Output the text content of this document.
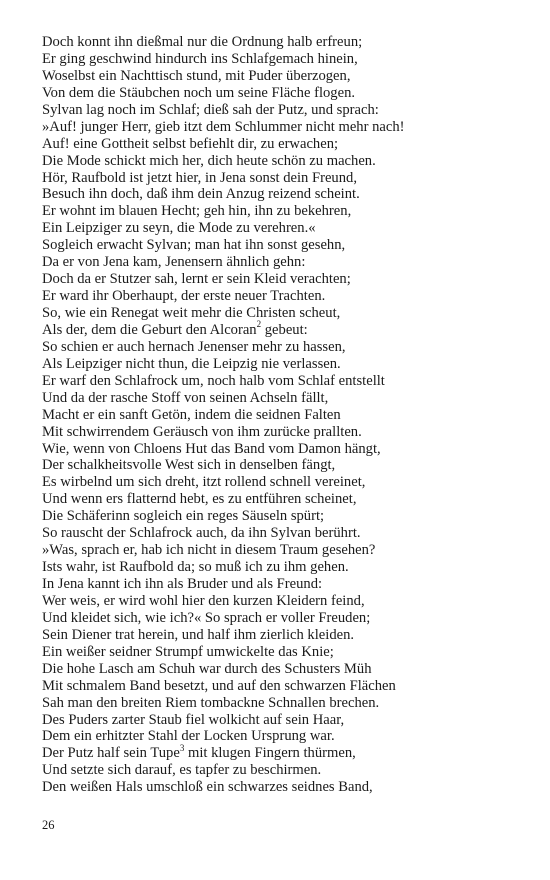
Doch konnt ihn dießmal nur die Ordnung halb erfreun;
Er ging geschwind hindurch ins Schlafgemach hinein,
Woselbst ein Nachttisch stund, mit Puder überzogen,
Von dem die Stäubchen noch um seine Fläche flogen.
Sylvan lag noch im Schlaf; dieß sah der Putz, und sprach:
»Auf! junger Herr, gieb itzt dem Schlummer nicht mehr nach!
Auf! eine Gottheit selbst befiehlt dir, zu erwachen;
Die Mode schickt mich her, dich heute schön zu machen.
Hör, Raufbold ist jetzt hier, in Jena sonst dein Freund,
Besuch ihn doch, daß ihm dein Anzug reizend scheint.
Er wohnt im blauen Hecht; geh hin, ihn zu bekehren,
Ein Leipziger zu seyn, die Mode zu verehren.«
Sogleich erwacht Sylvan; man hat ihn sonst gesehn,
Da er von Jena kam, Jenensern ähnlich gehn:
Doch da er Stutzer sah, lernt er sein Kleid verachten;
Er ward ihr Oberhaupt, der erste neuer Trachten.
So, wie ein Renegat weit mehr die Christen scheut,
Als der, dem die Geburt den Alcoran$^2$ gebeut:
So schien er auch hernach Jenenser mehr zu hassen,
Als Leipziger nicht thun, die Leipzig nie verlassen.
Er warf den Schlafrock um, noch halb vom Schlaf entstellt
Und da der rasche Stoff von seinen Achseln fällt,
Macht er ein sanft Getön, indem die seidnen Falten
Mit schwirrendem Geräusch von ihm zurücke prallten.
Wie, wenn von Chloens Hut das Band vom Damon hängt,
Der schalkheitsvolle West sich in denselben fängt,
Es wirbelnd um sich dreht, itzt rollend schnell vereinet,
Und wenn ers flatternd hebt, es zu entführen scheinet,
Die Schäferinn sogleich ein reges Säuseln spürt;
So rauscht der Schlafrock auch, da ihn Sylvan berührt.
»Was, sprach er, hab ich nicht in diesem Traum gesehen?
Ists wahr, ist Raufbold da; so muß ich zu ihm gehen.
In Jena kannt ich ihn als Bruder und als Freund:
Wer weis, er wird wohl hier den kurzen Kleidern feind,
Und kleidet sich, wie ich?« So sprach er voller Freuden;
Sein Diener trat herein, und half ihm zierlich kleiden.
Ein weißer seidner Strumpf umwickelte das Knie;
Die hohe Lasch am Schuh war durch des Schusters Müh
Mit schmalem Band besetzt, und auf den schwarzen Flächen
Sah man den breiten Riem tombackne Schnallen brechen.
Des Puders zarter Staub fiel wolkicht auf sein Haar,
Dem ein erhitzter Stahl der Locken Ursprung war.
Der Putz half sein Tupe$^3$ mit klugen Fingern thürmen,
Und setzte sich darauf, es tapfer zu beschirmen.
Den weißen Hals umschloß ein schwarzes seidnes Band,
26
